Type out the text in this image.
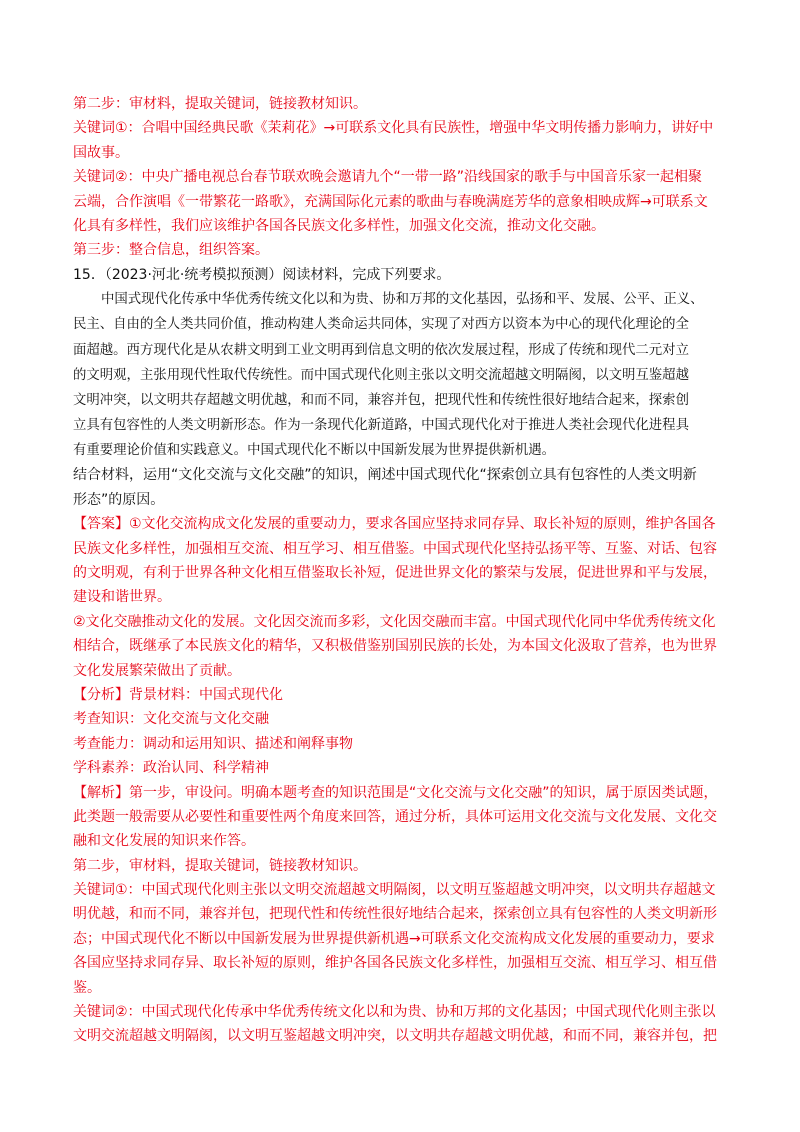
第二步：审材料，提取关键词，链接教材知识。
关键词①：合唱中国经典民歌《茉莉花》→可联系文化具有民族性，增强中华文明传播力影响力，讲好中
国故事。
关键词②：中央广播电视总台春节联欢晚会邀请九个“一带一路”沿线国家的歌手与中国音乐家一起相聚
云端，合作演唱《一带繁花一路歌》，充满国际化元素的歌曲与春晚满庭芳华的意象相映成辉→可联系文
化具有多样性，我们应该维护各国各民族文化多样性，加强文化交流，推动文化交融。
第三步：整合信息，组织答案。
15．（2023·河北·统考模拟预测）阅读材料，完成下列要求。
中国式现代化传承中华优秀传统文化以和为贵、协和万邦的文化基因，弘扬和平、发展、公平、正义、
民主、自由的全人类共同价值，推动构建人类命运共同体，实现了对西方以资本为中心的现代化理论的全
面超越。西方现代化是从农耕文明到工业文明再到信息文明的依次发展过程，形成了传统和现代二元对立
的文明观，主张用现代性取代传统性。而中国式现代化则主张以文明交流超越文明隔阂，以文明互鉴超越
文明冲突，以文明共存超越文明优越，和而不同，兼容并包，把现代性和传统性很好地结合起来，探索创
立具有包容性的人类文明新形态。作为一条现代化新道路，中国式现代化对于推进人类社会现代化进程具
有重要理论价值和实践意义。中国式现代化不断以中国新发展为世界提供新机遇。
结合材料，运用“文化交流与文化交融”的知识，阐述中国式现代化“探索创立具有包容性的人类文明新
形态”的原因。
【答案】①文化交流构成文化发展的重要动力，要求各国应坚持求同存异、取长补短的原则，维护各国各
民族文化多样性，加强相互交流、相互学习、相互借鉴。中国式现代化坚持弘扬平等、互鉴、对话、包容
的文明观，有利于世界各种文化相互借鉴取长补短，促进世界文化的繁荣与发展，促进世界和平与发展，
建设和谐世界。
②文化交融推动文化的发展。文化因交流而多彩，文化因交融而丰富。中国式现代化同中华优秀传统文化
相结合，既继承了本民族文化的精华，又积极借鉴别国别民族的长处，为本国文化汲取了营养，也为世界
文化发展繁荣做出了贡献。
【分析】背景材料：中国式现代化
考查知识：文化交流与文化交融
考查能力：调动和运用知识、描述和阐释事物
学科素养：政治认同、科学精神
【解析】第一步，审设问。明确本题考查的知识范围是“文化交流与文化交融”的知识，属于原因类试题，
此类题一般需要从必要性和重要性两个角度来回答，通过分析，具体可运用文化交流与文化发展、文化交
融和文化发展的知识来作答。
第二步，审材料，提取关键词，链接教材知识。
关键词①：中国式现代化则主张以文明交流超越文明隔阂，以文明互鉴超越文明冲突，以文明共存超越文
明优越，和而不同，兼容并包，把现代性和传统性很好地结合起来，探索创立具有包容性的人类文明新形
态；中国式现代化不断以中国新发展为世界提供新机遇→可联系文化交流构成文化发展的重要动力，要求
各国应坚持求同存异、取长补短的原则，维护各国各民族文化多样性，加强相互交流、相互学习、相互借
鉴。
关键词②：中国式现代化传承中华优秀传统文化以和为贵、协和万邦的文化基因；中国式现代化则主张以
文明交流超越文明隔阂，以文明互鉴超越文明冲突，以文明共存超越文明优越，和而不同，兼容并包，把
